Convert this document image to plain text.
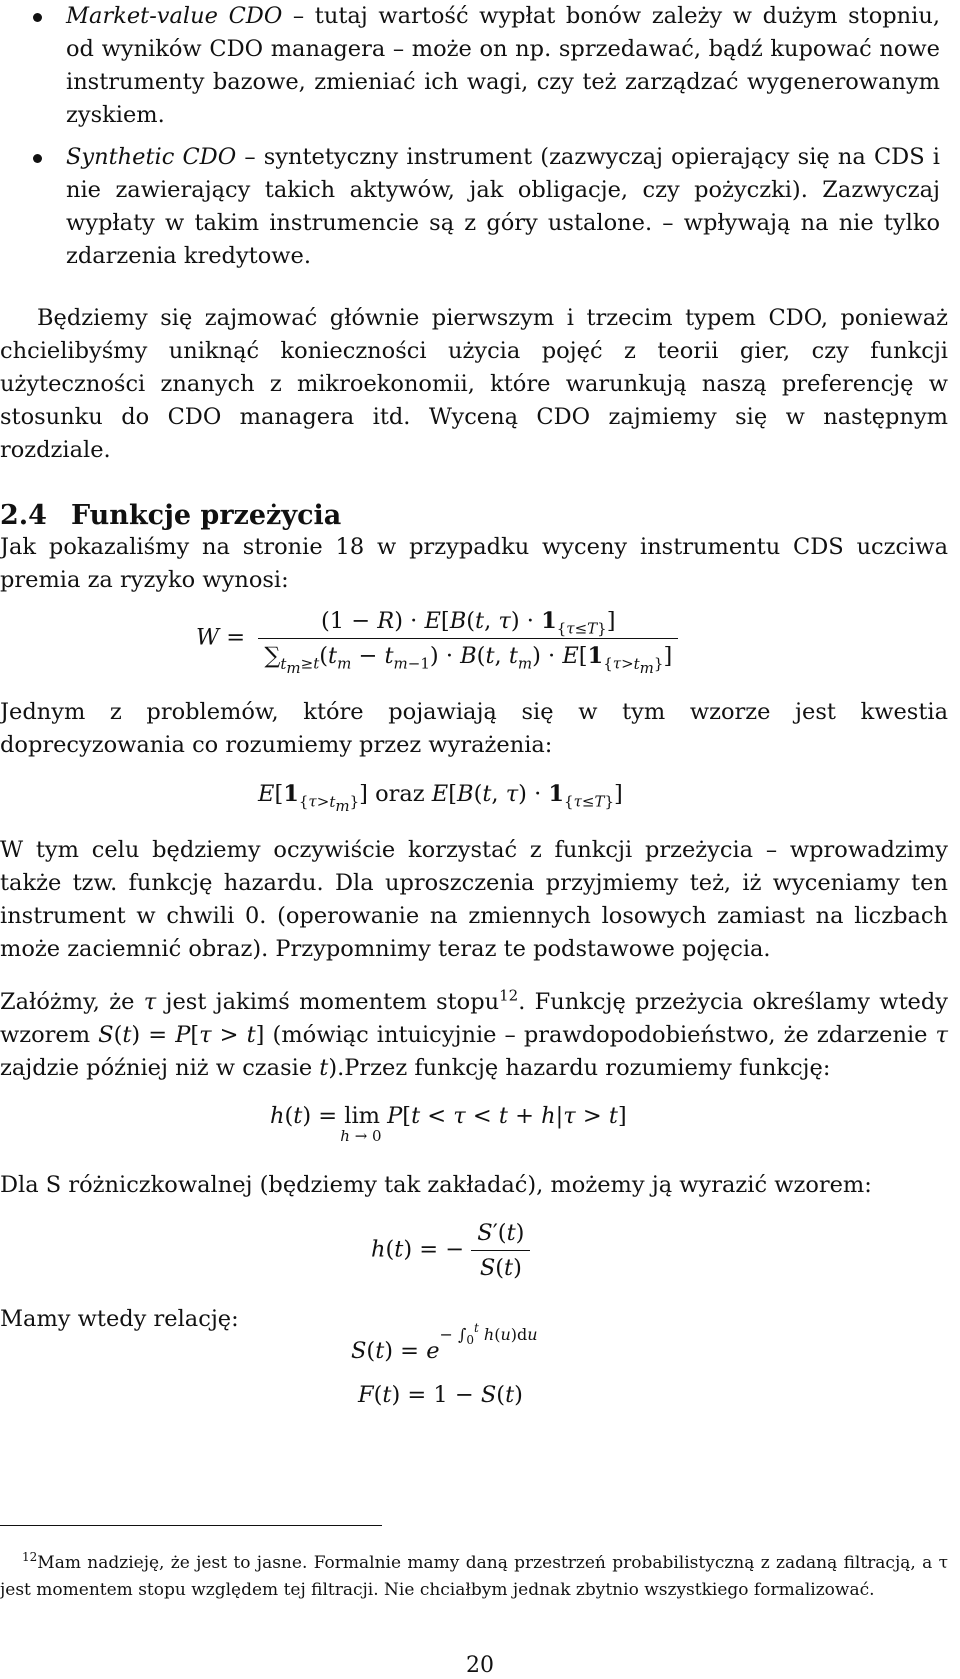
Market-value CDO – tutaj wartość wypłat bonów zależy w dużym stopniu, od wyników CDO managera – może on np. sprzedawać, bądź kupować nowe instrumenty bazowe, zmieniać ich wagi, czy też zarządzać wygenerowanym zyskiem.

Synthetic CDO – syntetyczny instrument (zazwyczaj opierający się na CDS i nie zawierający takich aktywów, jak obligacje, czy pożyczki). Zazwyczaj wypłaty w takim instrumencie są z góry ustalone. – wpływają na nie tylko zdarzenia kredytowe.

Będziemy się zajmować głównie pierwszym i trzecim typem CDO, ponieważ chcielibyśmy uniknąć konieczności użycia pojęć z teorii gier, czy funkcji użyteczności znanych z mikroekonomii, które warunkują naszą preferencję w stosunku do CDO managera itd. Wyceną CDO zajmiemy się w następnym rozdziale.

2.4 Funkcje przeżycia

Jak pokazaliśmy na stronie 18 w przypadku wyceny instrumentu CDS uczciwa premia za ryzyko wynosi:

$W = \frac{(1 - R) \cdot E[B(t, \tau) \cdot 1_{\{\tau\le T\}}]}{\sum_{t_m\ge t}(t_m - t_{m-1}) \cdot B(t, t_m) \cdot E[1_{\{\tau>t_m\}}]}$

Jednym z problemów, które pojawiają się w tym wzorze jest kwestia doprecyzowania co rozumiemy przez wyrażenia:

$E[1_{\{\tau>t_m\}}]$ oraz E[B(t, $\tau) \cdot 1_{\{\tau\le T\}}$]

W tym celu będziemy oczywiście korzystać z funkcji przeżycia – wprowadzimy także tzw. funkcję hazardu. Dla uproszczenia przyjmiemy też, iż wyceniamy ten instrument w chwili 0. (operowanie na zmiennych losowych zamiast na liczbach może zaciemnić obraz). Przypomnimy teraz te podstawowe pojęcia.

Załóżmy, że τ jest jakimś momentem stopu$^{12}$. Funkcję przeżycia określamy wtedy wzorem S(t) = P[τ > t] (mówiąc intuicyjnie – prawdopodobieństwo, że zdarzenie τ zajdzie później niż w czasie t).Przez funkcję hazardu rozumiemy funkcję:

h(t) = lim
h → 0
P[t < τ < t + h|τ > t]

Dla S różniczkowalnej (będziemy tak zakładać), możemy ją wyrazić wzorem:

h(t) = − $\frac{S'(t)}{S(t)}$

Mamy wtedy relację:

$S(t) = e^{- \int_0^t h(u)du}$
F(t) = 1 − S(t)

$^{12}$Mam nadzieję, że jest to jasne. Formalnie mamy daną przestrzeń probabilistyczną z zadaną filtracją, a τ jest momentem stopu względem tej filtracji. Nie chciałbym jednak zbytnio wszystkiego formalizować.

20
